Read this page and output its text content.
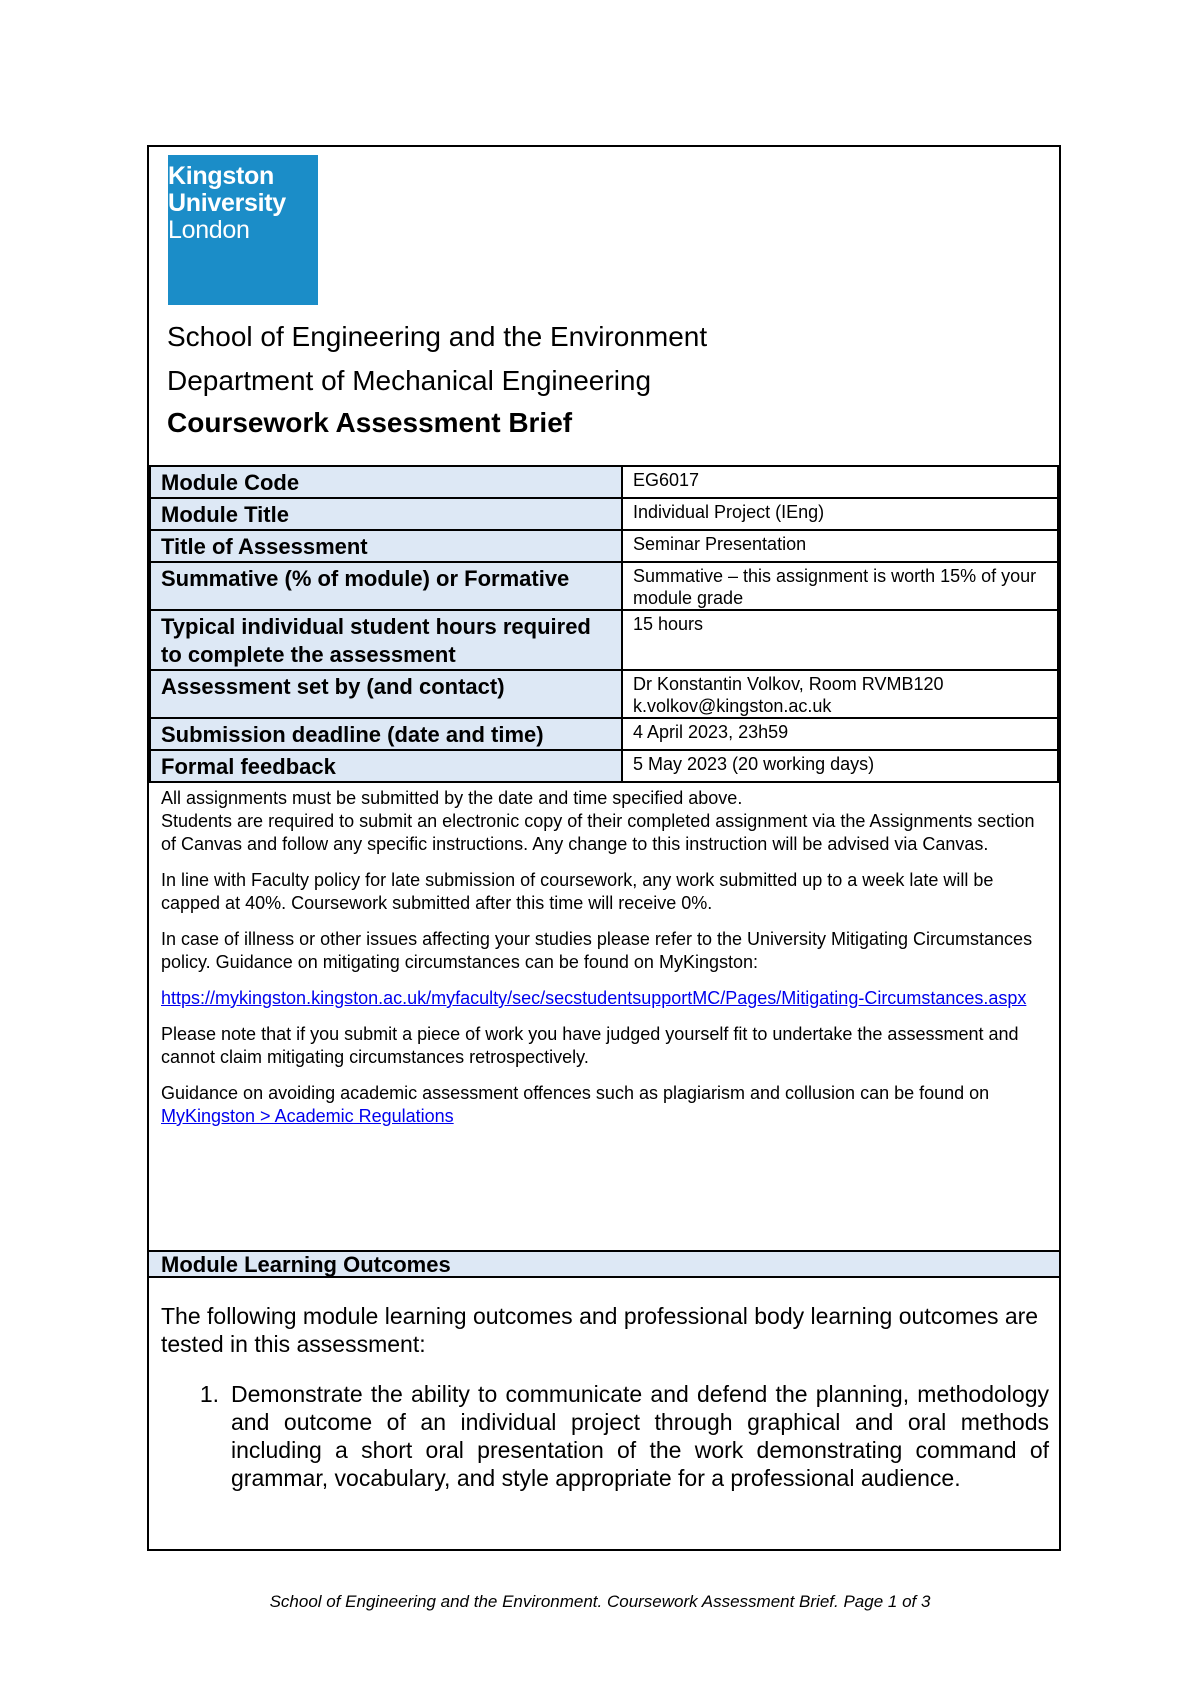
Kingston
University
London
School of Engineering and the Environment
Department of Mechanical Engineering
Coursework Assessment Brief
Module Code	EG6017
Module Title	Individual Project (IEng)
Title of Assessment	Seminar Presentation
Summative (% of module) or Formative	Summative – this assignment is worth 15% of your module grade
Typical individual student hours required to complete the assessment	15 hours
Assessment set by (and contact)	Dr Konstantin Volkov, Room RVMB120
k.volkov@kingston.ac.uk

Submission deadline (date and time)	4 April 2023, 23h59
Formal feedback	5 May 2023 (20 working days)

All assignments must be submitted by the date and time specified above.
Students are required to submit an electronic copy of their completed assignment via the Assignments section of Canvas and follow any specific instructions. Any change to this instruction will be advised via Canvas.

In line with Faculty policy for late submission of coursework, any work submitted up to a week late will be capped at 40%. Coursework submitted after this time will receive 0%.

In case of illness or other issues affecting your studies please refer to the University Mitigating Circumstances policy. Guidance on mitigating circumstances can be found on MyKingston:

https://mykingston.kingston.ac.uk/myfaculty/sec/secstudentsupportMC/Pages/Mitigating-Circumstances.aspx

Please note that if you submit a piece of work you have judged yourself fit to undertake the assessment and cannot claim mitigating circumstances retrospectively.

Guidance on avoiding academic assessment offences such as plagiarism and collusion can be found on MyKingston > Academic Regulations

Module Learning Outcomes
The following module learning outcomes and professional body learning outcomes are tested in this assessment:
1. Demonstrate the ability to communicate and defend the planning, methodology and outcome of an individual project through graphical and oral methods including a short oral presentation of the work demonstrating command of grammar, vocabulary, and style appropriate for a professional audience.
School of Engineering and the Environment. Coursework Assessment Brief. Page 1 of 3
